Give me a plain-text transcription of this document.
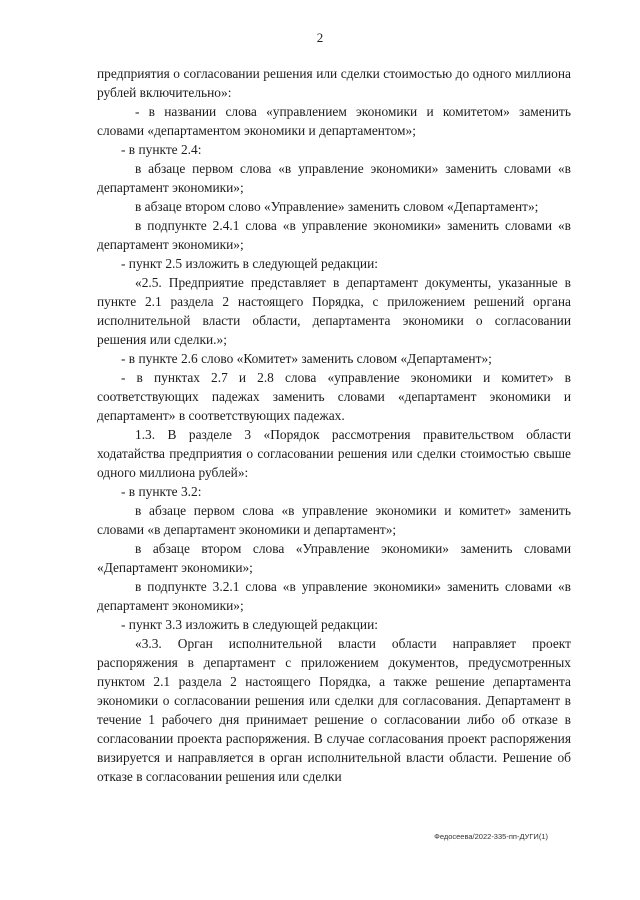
2

предприятия о согласовании решения или сделки стоимостью до одного миллиона рублей включительно»:

- в названии слова «управлением экономики и комитетом» заменить словами «департаментом экономики и департаментом»;

- в пункте 2.4:

в абзаце первом слова «в управление экономики» заменить словами «в департамент экономики»;

в абзаце втором слово «Управление» заменить словом «Департамент»;

в подпункте 2.4.1 слова «в управление экономики» заменить словами «в департамент экономики»;

- пункт 2.5 изложить в следующей редакции:

«2.5. Предприятие представляет в департамент документы, указанные в пункте 2.1 раздела 2 настоящего Порядка, с приложением решений органа исполнительной власти области, департамента экономики о согласовании решения или сделки.»;

- в пункте 2.6 слово «Комитет» заменить словом «Департамент»;

- в пунктах 2.7 и 2.8 слова «управление экономики и комитет» в соответствующих падежах заменить словами «департамент экономики и департамент» в соответствующих падежах.

1.3. В разделе 3 «Порядок рассмотрения правительством области ходатайства предприятия о согласовании решения или сделки стоимостью свыше одного миллиона рублей»:

- в пункте 3.2:

в абзаце первом слова «в управление экономики и комитет» заменить словами «в департамент экономики и департамент»;

в абзаце втором слова «Управление экономики» заменить словами «Департамент экономики»;

в подпункте 3.2.1 слова «в управление экономики» заменить словами «в департамент экономики»;

- пункт 3.3 изложить в следующей редакции:

«3.3. Орган исполнительной власти области направляет проект распоряжения в департамент с приложением документов, предусмотренных пунктом 2.1 раздела 2 настоящего Порядка, а также решение департамента экономики о согласовании решения или сделки для согласования. Департамент в течение 1 рабочего дня принимает решение о согласовании либо об отказе в согласовании проекта распоряжения. В случае согласования проект распоряжения визируется и направляется в орган исполнительной власти области. Решение об отказе в согласовании решения или сделки

Федосеева/2022-335-пп-ДУГИ(1)
